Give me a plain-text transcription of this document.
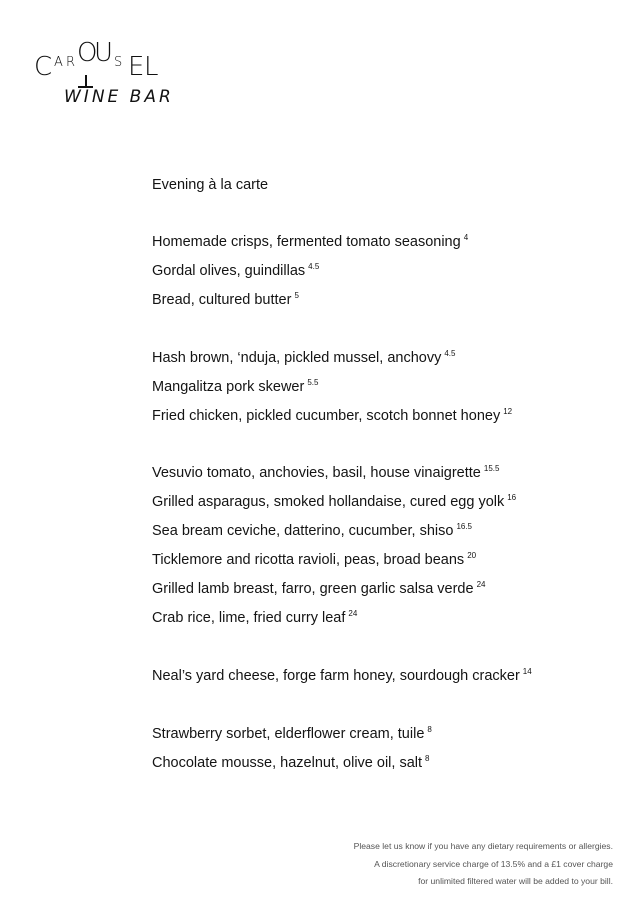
C A R O
U S E L
WINE BAR
Evening à la carte
Homemade crisps, fermented tomato seasoning $^4$
Gordal olives, guindillas $^{4.5}$
Bread, cultured butter $^5$
Hash brown, ‘nduja, pickled mussel, anchovy $^{4.5}$
Mangalitza pork skewer $^{5.5}$
Fried chicken, pickled cucumber, scotch bonnet honey $^{12}$
Vesuvio tomato, anchovies, basil, house vinaigrette $^{15.5}$
Grilled asparagus, smoked hollandaise, cured egg yolk $^{16}$
Sea bream ceviche, datterino, cucumber, shiso $^{16.5}$
Ticklemore and ricotta ravioli, peas, broad beans $^{20}$
Grilled lamb breast, farro, green garlic salsa verde $^{24}$
Crab rice, lime, fried curry leaf $^{24}$
Neal’s yard cheese, forge farm honey, sourdough cracker $^{14}$
Strawberry sorbet, elderflower cream, tuile $^8$
Chocolate mousse, hazelnut, olive oil, salt $^8$
Please let us know if you have any dietary requirements or allergies.
A discretionary service charge of 13.5% and a £1 cover charge
for unlimited filtered water will be added to your bill.
